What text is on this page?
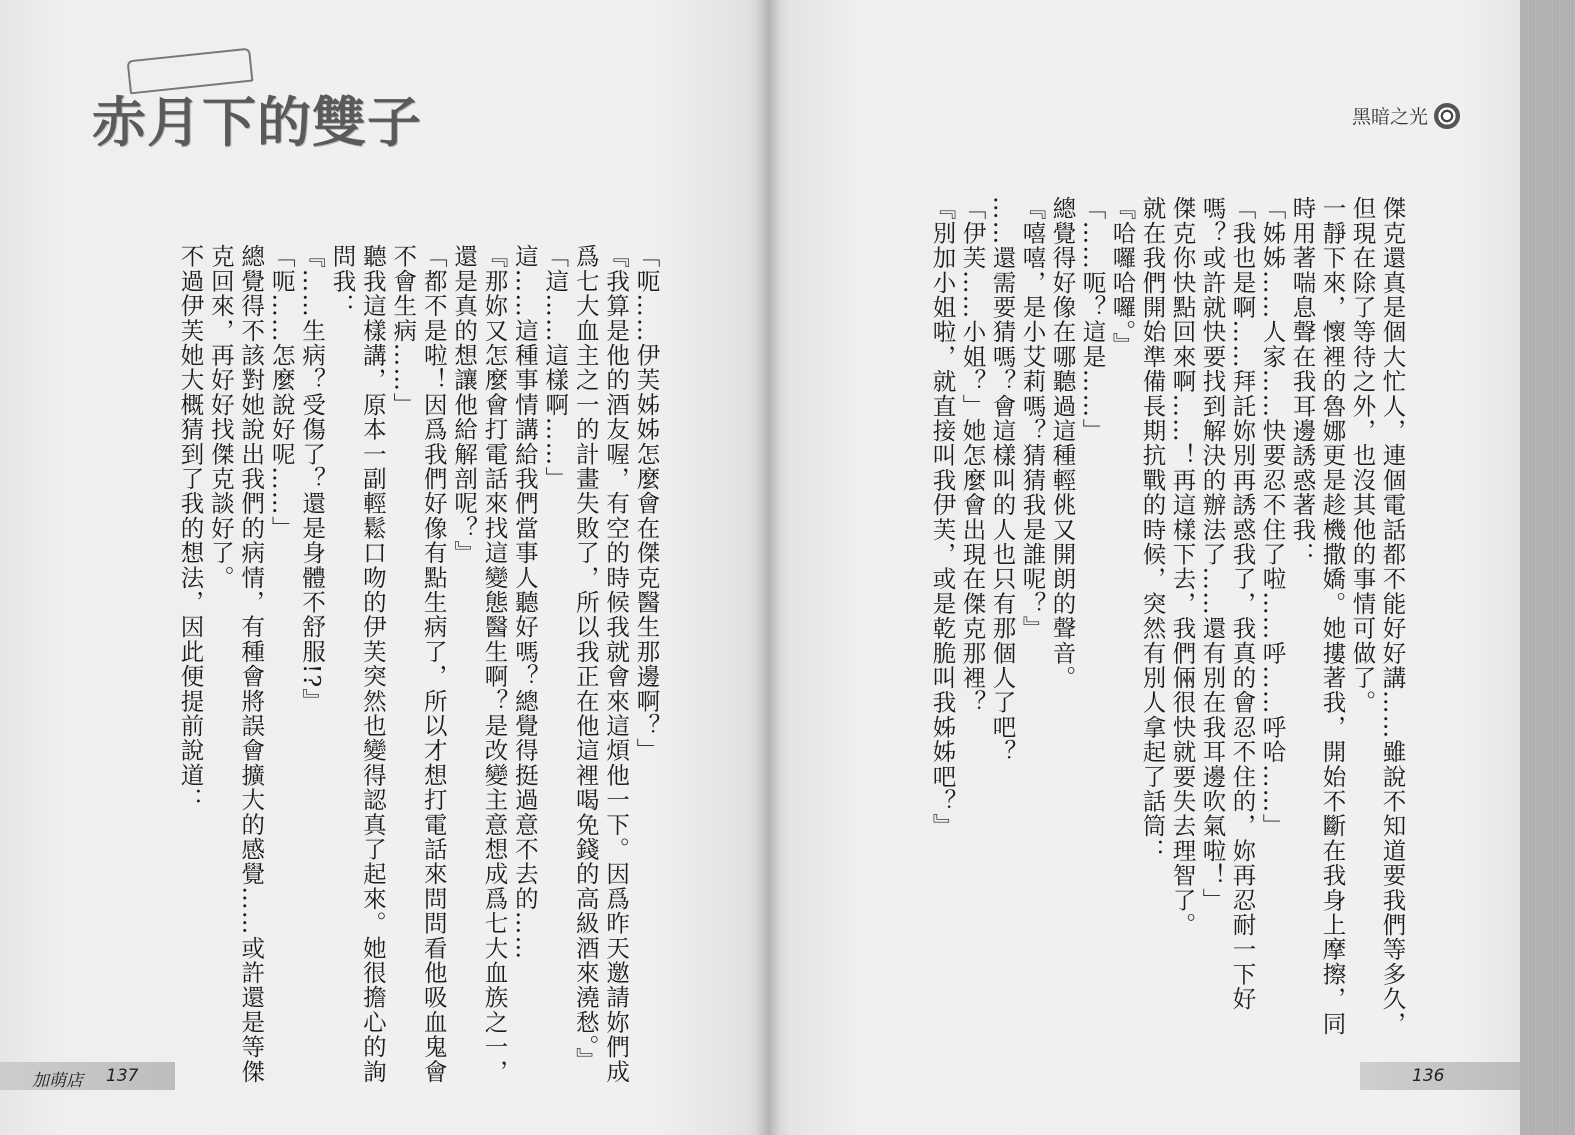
赤月下的雙子
「呃……伊芙姊姊怎麼會在傑克醫生那邊啊？」
『我算是他的酒友喔，有空的時候我就會來這煩他一下。因爲昨天邀請妳們成
爲七大血主之一的計畫失敗了，所以我正在他這裡喝免錢的高級酒來澆愁。』
「這……這樣啊……」
這……這種事情講給我們當事人聽好嗎？總覺得挺過意不去的……
『那妳又怎麼會打電話來找這變態醫生啊？是改變主意想成爲七大血族之一，
還是真的想讓他給解剖呢？』
「都不是啦！因爲我們好像有點生病了，所以才想打電話來問問看他吸血鬼會
不會生病……」
聽我這樣講，原本一副輕鬆口吻的伊芙突然也變得認真了起來。她很擔心的詢
問我：
『……生病？受傷了？還是身體不舒服!?』
「呃……怎麼說好呢……」
總覺得不該對她說出我們的病情，有種會將誤會擴大的感覺……或許還是等傑
克回來，再好好找傑克談好了。
不過伊芙她大概猜到了我的想法，因此便提前說道：
加萌店 137
黑暗之光
傑克還真是個大忙人，連個電話都不能好好講……雖說不知道要我們等多久，
但現在除了等待之外，也沒其他的事情可做了。
一靜下來，懷裡的魯娜更是趁機撒嬌。她摟著我，開始不斷在我身上摩擦，同
時用著喘息聲在我耳邊誘惑著我：
「姊姊……人家……快要忍不住了啦……呼……呼哈……」
「我也是啊……拜託妳別再誘惑我了，我真的會忍不住的，妳再忍耐一下好
嗎？或許就快要找到解決的辦法了……還有別在我耳邊吹氣啦！」
傑克你快點回來啊……！再這樣下去，我們倆很快就要失去理智了。
就在我們開始準備長期抗戰的時候，突然有別人拿起了話筒：
『哈囉哈囉。』
「……呃？這是……」
總覺得好像在哪聽過這種輕佻又開朗的聲音。
『嘻嘻，是小艾莉嗎？猜猜我是誰呢？』
……還需要猜嗎？會這樣叫的人也只有那個人了吧？
「伊芙……小姐？」她怎麼會出現在傑克那裡？
『別加小姐啦，就直接叫我伊芙，或是乾脆叫我姊姊吧？』
136
